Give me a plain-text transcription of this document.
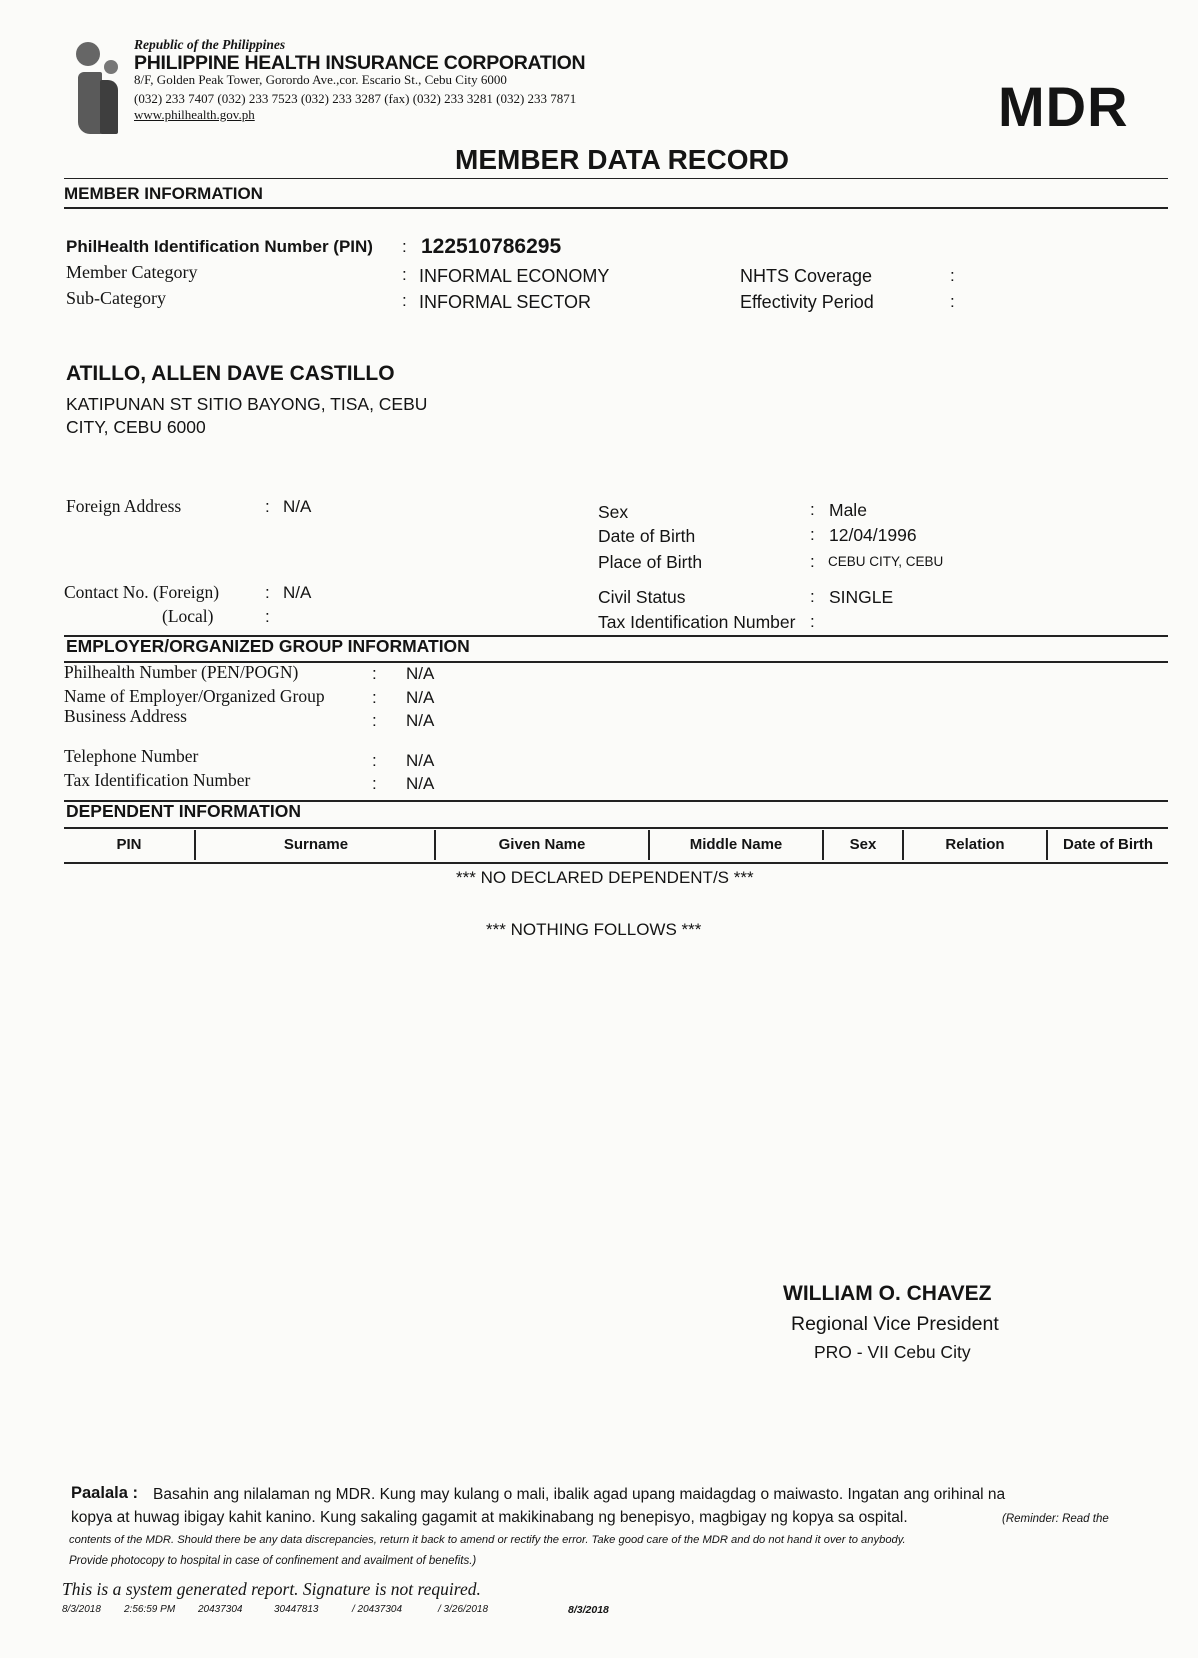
Republic of the Philippines
PHILIPPINE HEALTH INSURANCE CORPORATION
8/F, Golden Peak Tower, Gorordo Ave.,cor. Escario St., Cebu City 6000
(032) 233 7407 (032) 233 7523 (032) 233 3287 (fax) (032) 233 3281 (032) 233 7871
www.philhealth.gov.ph	MDR
MEMBER DATA RECORD
MEMBER INFORMATION
PhilHealth Identification Number (PIN) : 122510786295
Member Category	: INFORMAL ECONOMY
Sub-Category	: INFORMAL SECTOR
NHTS Coverage	:
Effectivity Period	:
ATILLO, ALLEN DAVE CASTILLO
KATIPUNAN ST SITIO BAYONG, TISA, CEBU
CITY, CEBU 6000
Foreign Address	: N/A
Contact No. (Foreign)	: N/A
(Local)	:
Sex	: Male
Date of Birth	: 12/04/1996
Place of Birth	: CEBU CITY, CEBU
Civil Status	: SINGLE
Tax Identification Number :
EMPLOYER/ORGANIZED GROUP INFORMATION
Philhealth Number (PEN/POGN)	: N/A
Name of Employer/Organized Group	: N/A
Business Address	: N/A
Telephone Number	: N/A
Tax Identification Number	: N/A
DEPENDENT INFORMATION
PIN	Surname	Given Name	Middle Name	Sex	Relation	Date of Birth
*** NO DECLARED DEPENDENT/S ***
*** NOTHING FOLLOWS ***
WILLIAM O. CHAVEZ
Regional Vice President
PRO - VII Cebu City
Paalala : Basahin ang nilalaman ng MDR. Kung may kulang o mali, ibalik agad upang maidagdag o maiwasto. Ingatan ang orihinal na
kopya at huwag ibigay kahit kanino. Kung sakaling gagamit at makikinabang ng benepisyo, magbigay ng kopya sa ospital.	(Reminder: Read the
contents of the MDR. Should there be any data discrepancies, return it back to amend or rectify the error. Take good care of the MDR and do not hand it over to anybody.
Provide photocopy to hospital in case of confinement and availment of benefits.)
This is a system generated report. Signature is not required.
8/3/2018 2:56:59 PM 20437304	30447813	/ 20437304	/ 3/26/2018	8/3/2018
